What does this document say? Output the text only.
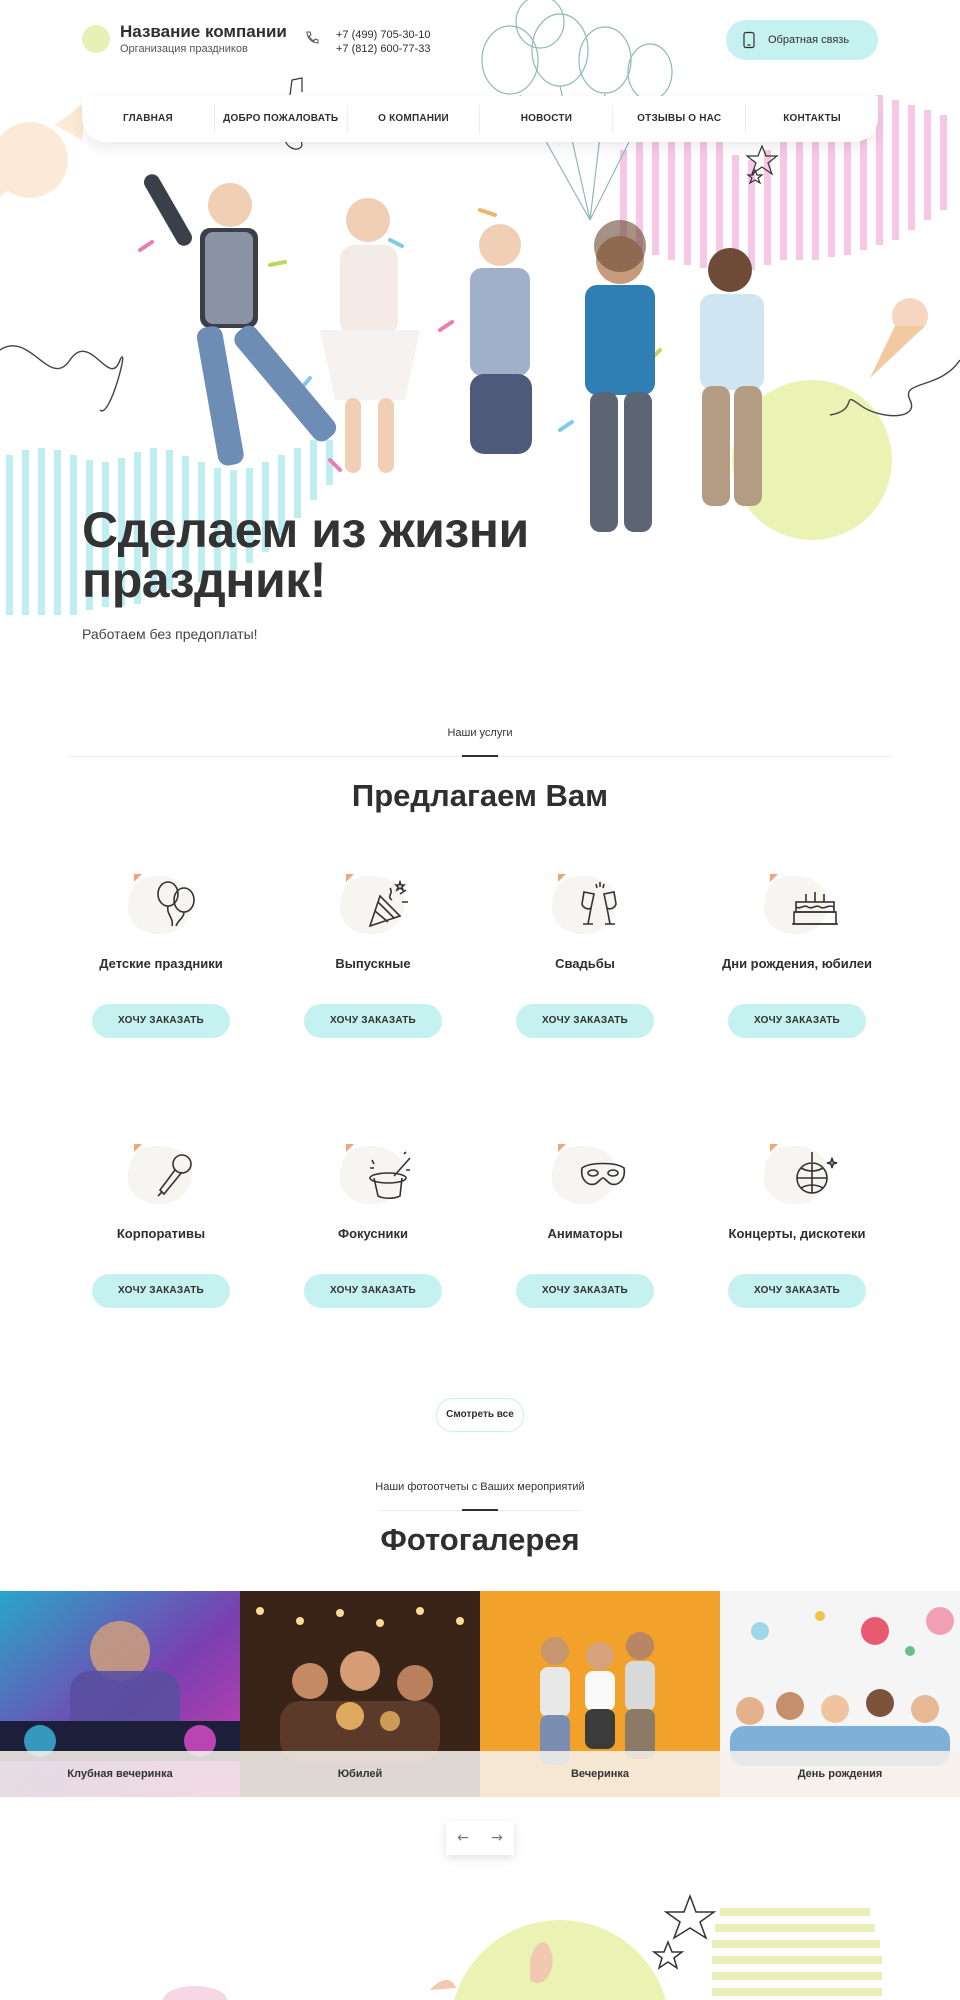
Название компании
Организация праздников
+7 (499) 705-30-10
+7 (812) 600-77-33
Обратная связь
ГЛАВНАЯ	ДОБРО ПОЖАЛОВАТЬ	О КОМПАНИИ	НОВОСТИ	ОТЗЫВЫ О НАС	КОНТАКТЫ
Сделаем из жизни
праздник!
Работаем без предоплаты!
Наши услуги
Предлагаем Вам
Детские праздники
ХОЧУ ЗАКАЗАТЬ
Выпускные
ХОЧУ ЗАКАЗАТЬ
Свадьбы
ХОЧУ ЗАКАЗАТЬ
Дни рождения, юбилеи
ХОЧУ ЗАКАЗАТЬ
Корпоративы
ХОЧУ ЗАКАЗАТЬ
Фокусники
ХОЧУ ЗАКАЗАТЬ
Аниматоры
ХОЧУ ЗАКАЗАТЬ
Концерты, дискотеки
ХОЧУ ЗАКАЗАТЬ
Смотреть все
Наши фотоотчеты с Ваших мероприятий
Фотогалерея
Клубная вечеринка	Юбилей	Вечеринка	День рождения
←	→
